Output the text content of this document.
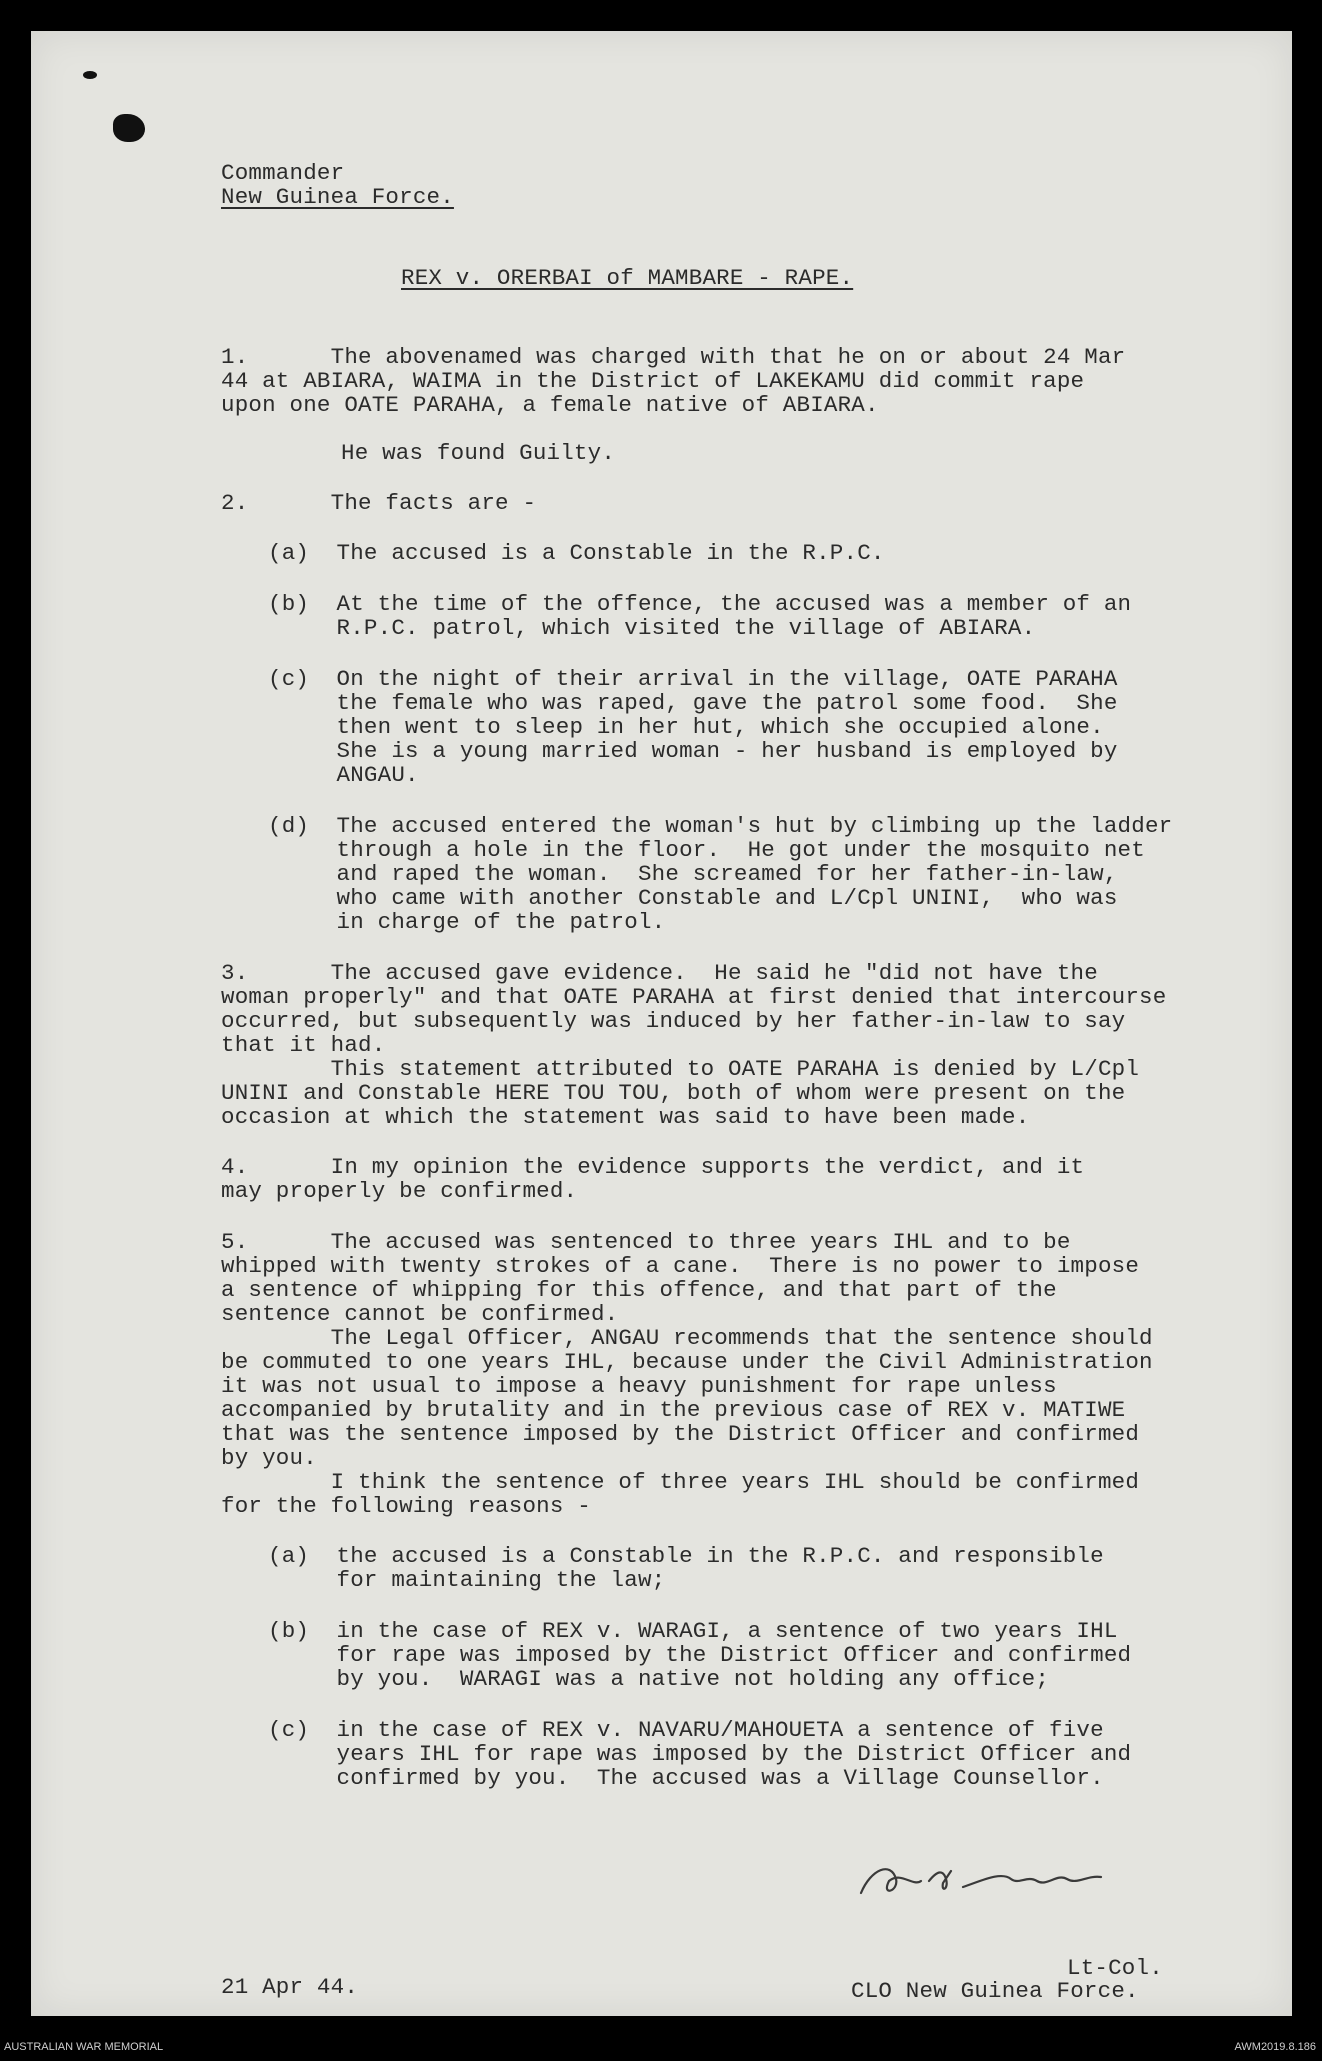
Commander
New Guinea Force.
REX v. ORERBAI of MAMBARE - RAPE.
1.      The abovenamed was charged with that he on or about 24 Mar
44 at ABIARA, WAIMA in the District of LAKEKAMU did commit rape
upon one OATE PARAHA, a female native of ABIARA.
He was found Guilty.
2.      The facts are -
(a)  The accused is a Constable in the R.P.C.
(b)  At the time of the offence, the accused was a member of an
R.P.C. patrol, which visited the village of ABIARA.
(c)  On the night of their arrival in the village, OATE PARAHA
the female who was raped, gave the patrol some food.  She
then went to sleep in her hut, which she occupied alone.
She is a young married woman - her husband is employed by
ANGAU.
(d)  The accused entered the woman's hut by climbing up the ladder
through a hole in the floor.  He got under the mosquito net
and raped the woman.  She screamed for her father-in-law,
who came with another Constable and L/Cpl UNINI,  who was
in charge of the patrol.
3.      The accused gave evidence.  He said he "did not have the
woman properly" and that OATE PARAHA at first denied that intercourse
occurred, but subsequently was induced by her father-in-law to say
that it had.
This statement attributed to OATE PARAHA is denied by L/Cpl
UNINI and Constable HERE TOU TOU, both of whom were present on the
occasion at which the statement was said to have been made.
4.      In my opinion the evidence supports the verdict, and it
may properly be confirmed.
5.      The accused was sentenced to three years IHL and to be
whipped with twenty strokes of a cane.  There is no power to impose
a sentence of whipping for this offence, and that part of the
sentence cannot be confirmed.
The Legal Officer, ANGAU recommends that the sentence should
be commuted to one years IHL, because under the Civil Administration
it was not usual to impose a heavy punishment for rape unless
accompanied by brutality and in the previous case of REX v. MATIWE
that was the sentence imposed by the District Officer and confirmed
by you.
I think the sentence of three years IHL should be confirmed
for the following reasons -
(a)  the accused is a Constable in the R.P.C. and responsible
for maintaining the law;
(b)  in the case of REX v. WARAGI, a sentence of two years IHL
for rape was imposed by the District Officer and confirmed
by you.  WARAGI was a native not holding any office;
(c)  in the case of REX v. NAVARU/MAHOUETA a sentence of five
years IHL for rape was imposed by the District Officer and
confirmed by you.  The accused was a Village Counsellor.
21 Apr 44.
Lt-Col.
CLO New Guinea Force.
AUSTRALIAN WAR MEMORIAL	AWM2019.8.186
